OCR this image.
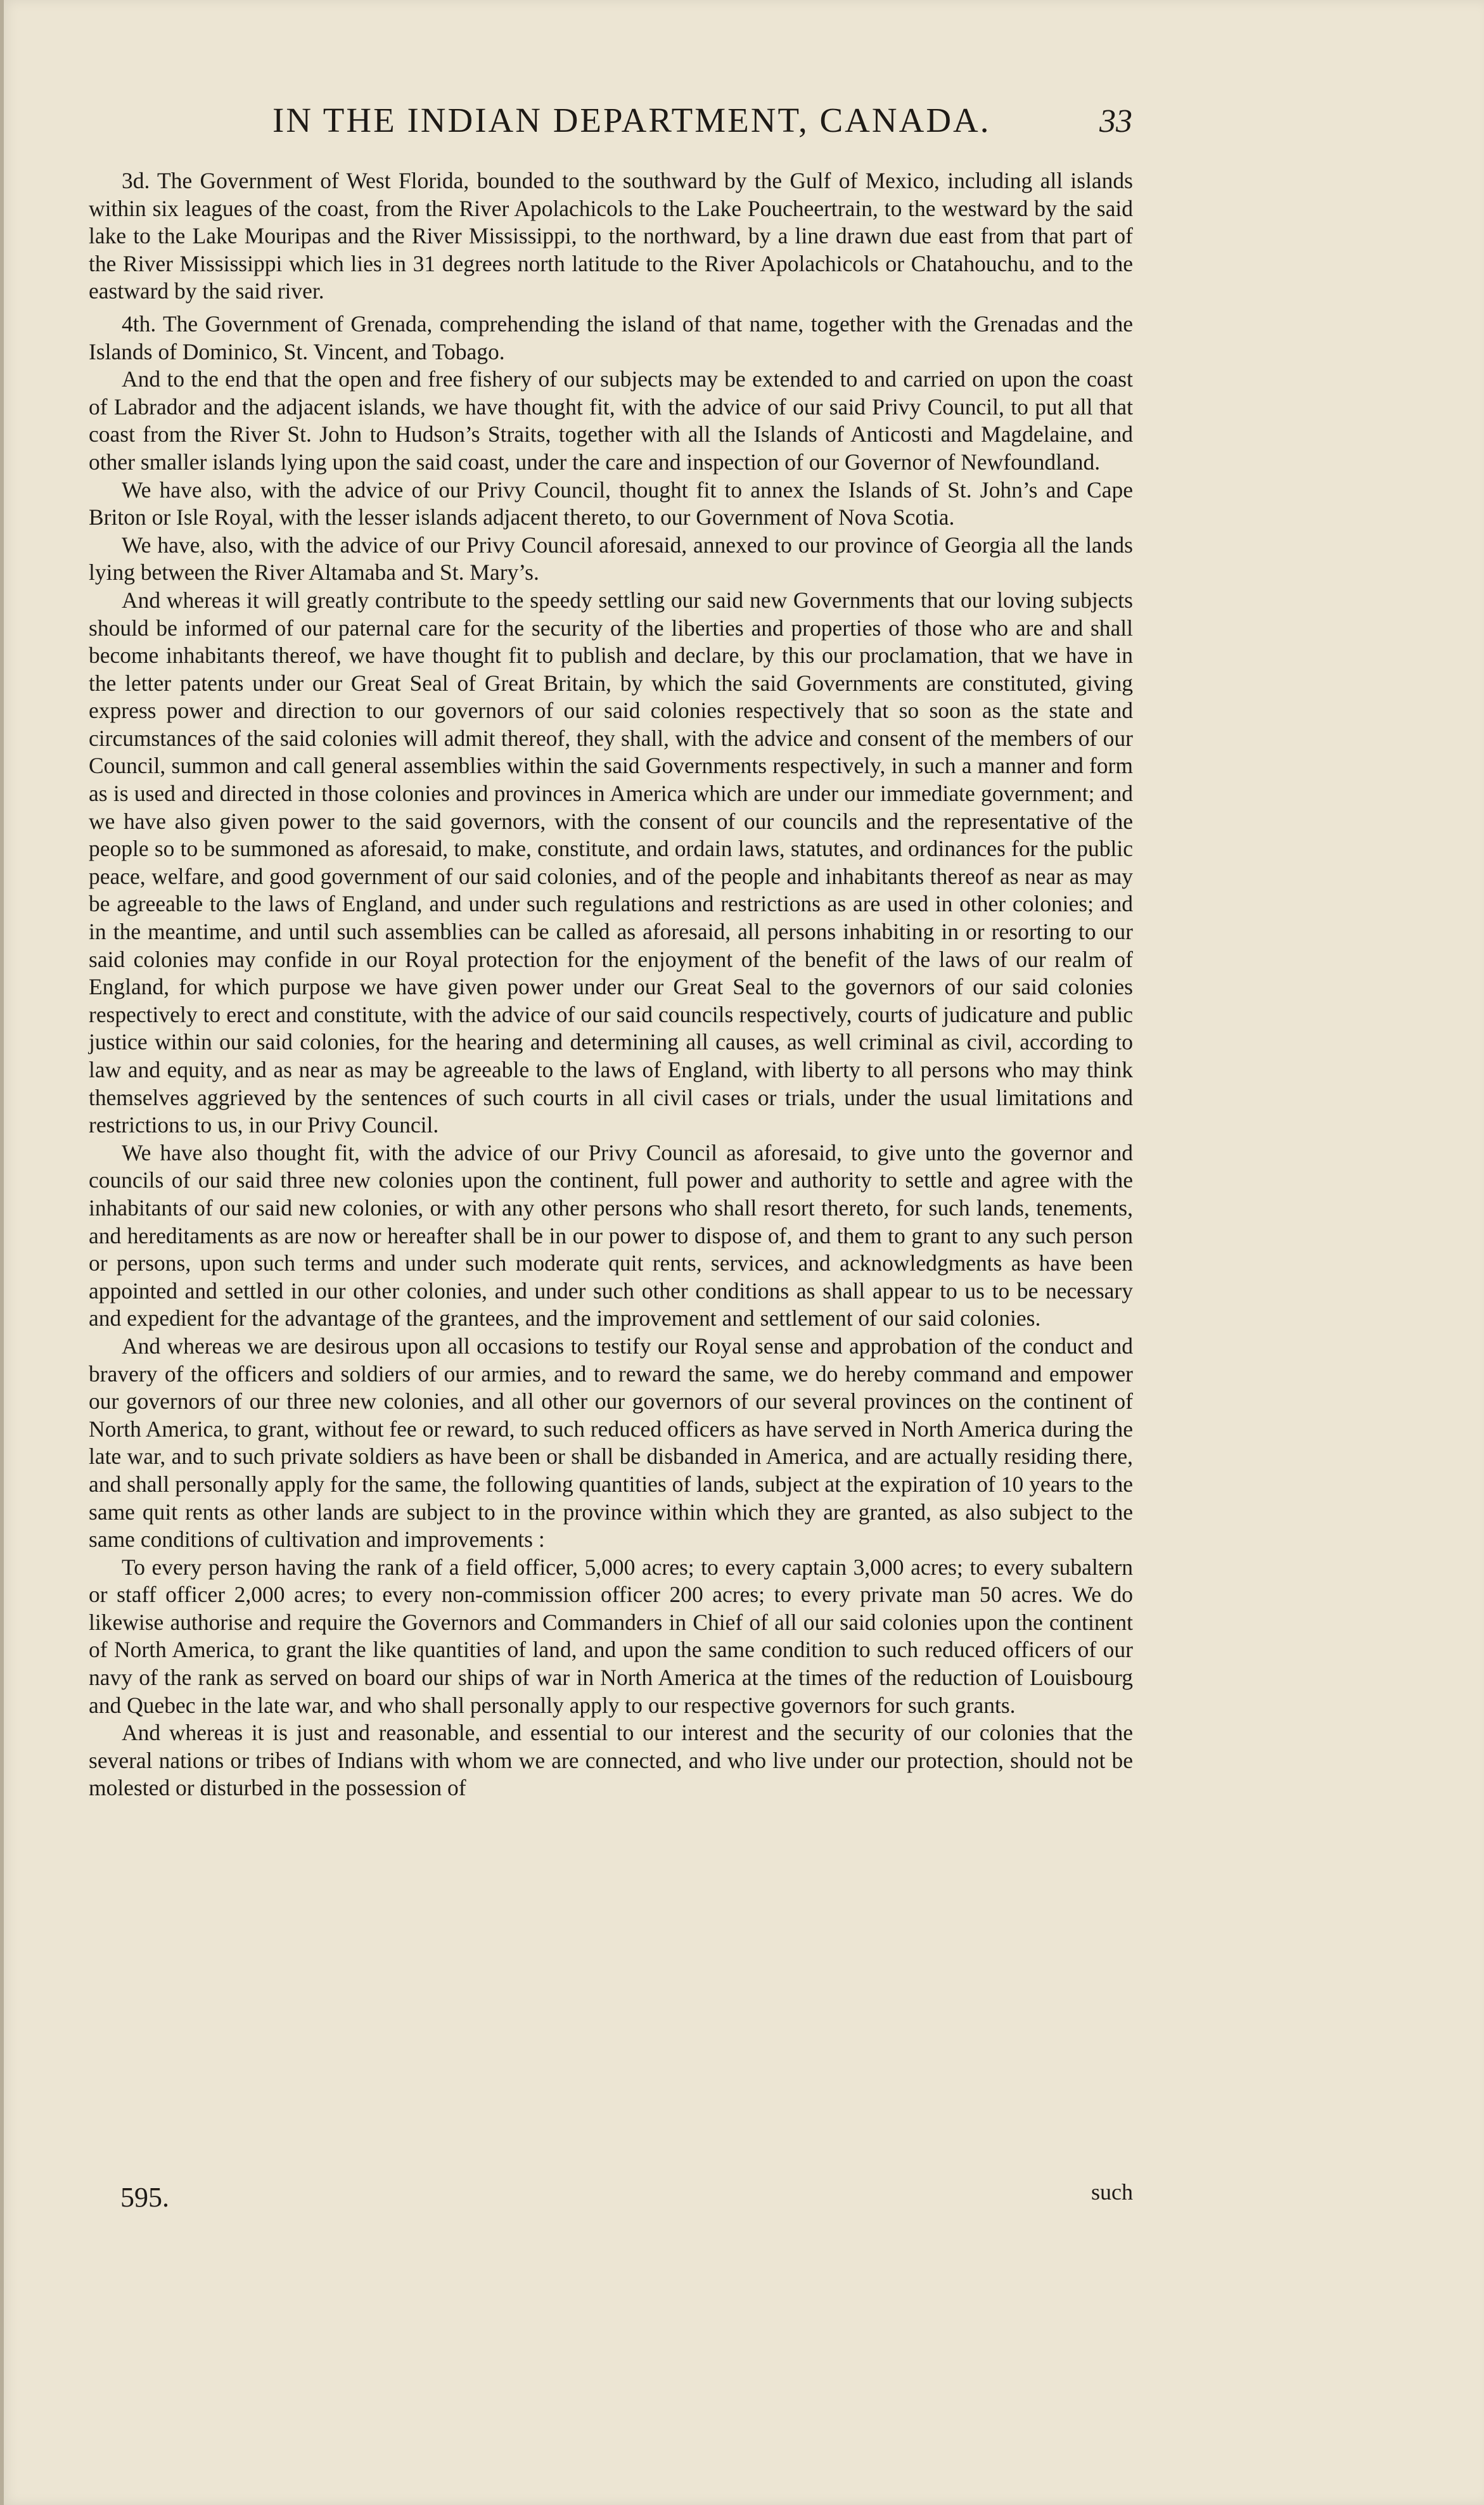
IN THE INDIAN DEPARTMENT, CANADA.	33

3d. The Government of West Florida, bounded to the southward by the Gulf of Mexico, including all islands within six leagues of the coast, from the River Apolachicols to the Lake Poucheertrain, to the westward by the said lake to the Lake Mouripas and the River Mississippi, to the northward, by a line drawn due east from that part of the River Mississippi which lies in 31 degrees north latitude to the River Apolachicols or Chatahouchu, and to the eastward by the said river.

4th. The Government of Grenada, comprehending the island of that name, together with the Grenadas and the Islands of Dominico, St. Vincent, and Tobago.

And to the end that the open and free fishery of our subjects may be extended to and carried on upon the coast of Labrador and the adjacent islands, we have thought fit, with the advice of our said Privy Council, to put all that coast from the River St. John to Hudson’s Straits, together with all the Islands of Anticosti and Magdelaine, and other smaller islands lying upon the said coast, under the care and inspection of our Governor of Newfoundland.

We have also, with the advice of our Privy Council, thought fit to annex the Islands of St. John’s and Cape Briton or Isle Royal, with the lesser islands adjacent thereto, to our Government of Nova Scotia.

We have, also, with the advice of our Privy Council aforesaid, annexed to our province of Georgia all the lands lying between the River Altamaba and St. Mary’s.

And whereas it will greatly contribute to the speedy settling our said new Governments that our loving subjects should be informed of our paternal care for the security of the liberties and properties of those who are and shall become inhabitants thereof, we have thought fit to publish and declare, by this our proclamation, that we have in the letter patents under our Great Seal of Great Britain, by which the said Governments are constituted, giving express power and direction to our governors of our said colonies respectively that so soon as the state and circumstances of the said colonies will admit thereof, they shall, with the advice and consent of the members of our Council, summon and call general assemblies within the said Governments respectively, in such a manner and form as is used and directed in those colonies and provinces in America which are under our immediate government; and we have also given power to the said governors, with the consent of our councils and the representative of the people so to be summoned as aforesaid, to make, constitute, and ordain laws, statutes, and ordinances for the public peace, welfare, and good government of our said colonies, and of the people and inhabitants thereof as near as may be agreeable to the laws of England, and under such regulations and restrictions as are used in other colonies; and in the meantime, and until such assemblies can be called as aforesaid, all persons inhabiting in or resorting to our said colonies may confide in our Royal protection for the enjoyment of the benefit of the laws of our realm of England, for which purpose we have given power under our Great Seal to the governors of our said colonies respectively to erect and constitute, with the advice of our said councils respectively, courts of judicature and public justice within our said colonies, for the hearing and determining all causes, as well criminal as civil, according to law and equity, and as near as may be agreeable to the laws of England, with liberty to all persons who may think themselves aggrieved by the sentences of such courts in all civil cases or trials, under the usual limitations and restrictions to us, in our Privy Council.

We have also thought fit, with the advice of our Privy Council as aforesaid, to give unto the governor and councils of our said three new colonies upon the continent, full power and authority to settle and agree with the inhabitants of our said new colonies, or with any other persons who shall resort thereto, for such lands, tenements, and hereditaments as are now or hereafter shall be in our power to dispose of, and them to grant to any such person or persons, upon such terms and under such moderate quit rents, services, and acknowledgments as have been appointed and settled in our other colonies, and under such other conditions as shall appear to us to be necessary and expedient for the advantage of the grantees, and the improvement and settlement of our said colonies.

And whereas we are desirous upon all occasions to testify our Royal sense and approbation of the conduct and bravery of the officers and soldiers of our armies, and to reward the same, we do hereby command and empower our governors of our three new colonies, and all other our governors of our several provinces on the continent of North America, to grant, without fee or reward, to such reduced officers as have served in North America during the late war, and to such private soldiers as have been or shall be disbanded in America, and are actually residing there, and shall personally apply for the same, the following quantities of lands, subject at the expiration of 10 years to the same quit rents as other lands are subject to in the province within which they are granted, as also subject to the same conditions of cultivation and improvements :

To every person having the rank of a field officer, 5,000 acres; to every captain 3,000 acres; to every subaltern or staff officer 2,000 acres; to every non-commission officer 200 acres; to every private man 50 acres. We do likewise authorise and require the Governors and Commanders in Chief of all our said colonies upon the continent of North America, to grant the like quantities of land, and upon the same condition to such reduced officers of our navy of the rank as served on board our ships of war in North America at the times of the reduction of Louisbourg and Quebec in the late war, and who shall personally apply to our respective governors for such grants.

And whereas it is just and reasonable, and essential to our interest and the security of our colonies that the several nations or tribes of Indians with whom we are connected, and who live under our protection, should not be molested or disturbed in the possession of

595.	such
